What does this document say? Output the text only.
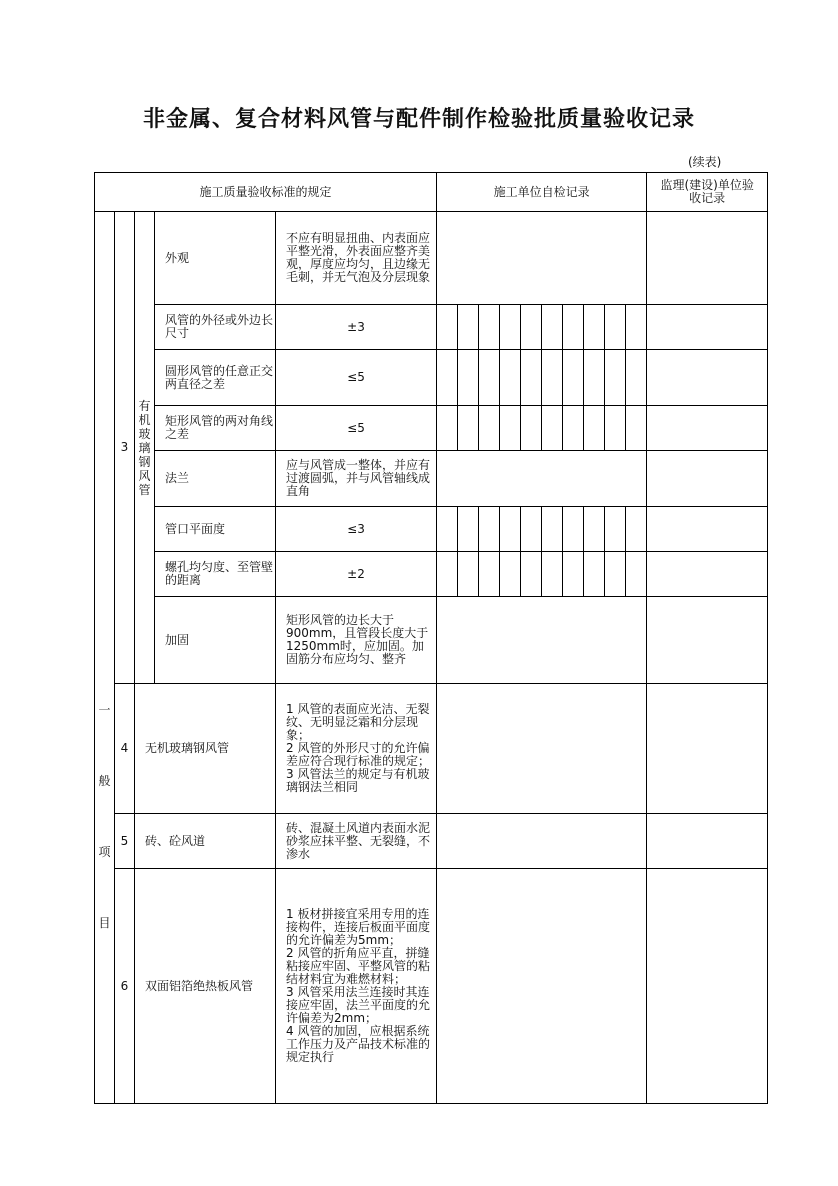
非金属、复合材料风管与配件制作检验批质量验收记录
(续表)
施工质量验收标准的规定					施工单位自检记录										监理(建设)单位验收记录

一
般
项
目	3	有机玻璃钢风管	外观	不应有明显扭曲、内表面应平整光滑，外表面应整齐美观，厚度应均匀，且边缘无毛刺，并无气泡及分层现象											
			风管的外径或外边长尺寸	±3											
			圆形风管的任意正交两直径之差	≤5											
			矩形风管的两对角线之差	≤5											
			法兰	应与风管成一整体，并应有过渡圆弧，并与风管轴线成直角											
			管口平面度	≤3											
			螺孔均匀度、至管壁的距离	±2											
			加固	矩形风管的边长大于900mm，且管段长度大于1250mm时，应加固。加固筋分布应均匀、整齐											
	4	无机玻璃钢风管		1 风管的表面应光洁、无裂纹、无明显泛霜和分层现象；
2 风管的外形尺寸的允许偏差应符合现行标准的规定；
3 风管法兰的规定与有机玻璃钢法兰相同											
	5	砖、砼风道		砖、混凝土风道内表面水泥砂浆应抹平整、无裂缝，不渗水											
	6	双面铝箔绝热板风管		1 板材拼接宜采用专用的连接构件，连接后板面平面度的允许偏差为5mm；
2 风管的折角应平直，拼缝粘接应牢固、平整风管的粘结材料宜为难燃材料；
3 风管采用法兰连接时其连接应牢固，法兰平面度的允许偏差为2mm；
4 风管的加固，应根据系统工作压力及产品技术标准的规定执行											
